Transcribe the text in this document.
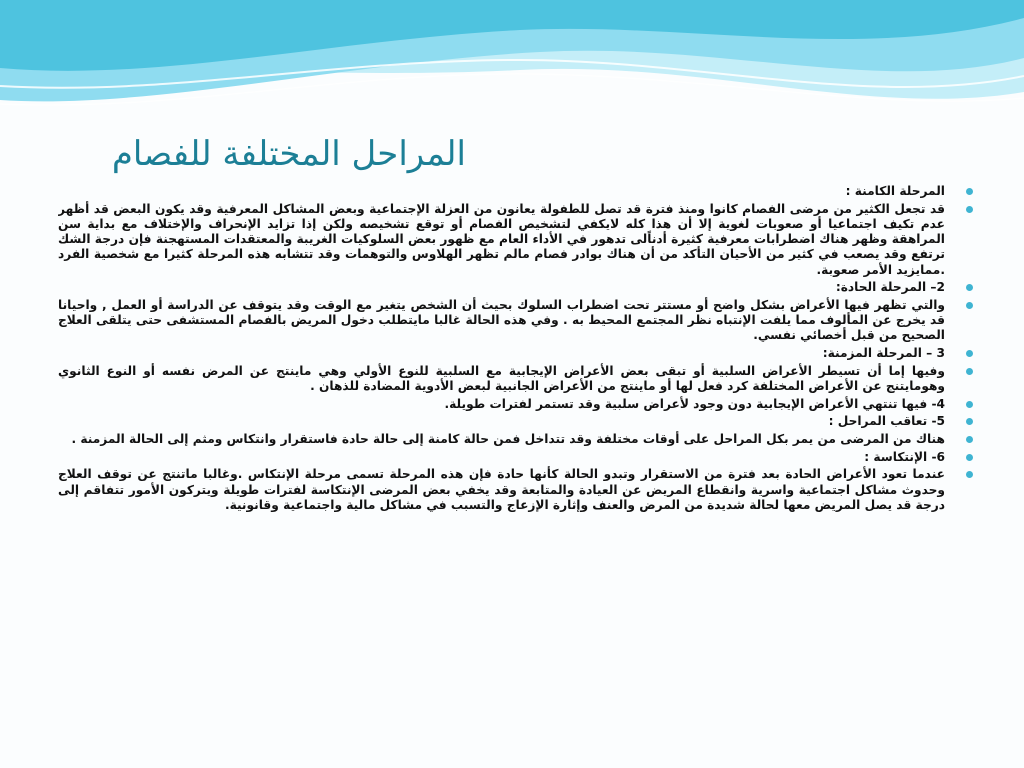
المراحل المختلفة للفصام
المرحلة الكامنة :
قد تجعل الكثير من مرضى الفصام كانوا ومنذ فترة قد تصل للطفولة يعانون من العزلة الإجتماعية وبعض المشاكل المعرفية وقد يكون البعض قد أظهر عدم تكيف اجتماعيا أو صعوبات لغوية إلا أن هذا كله لايكفي لتشخيص الفصام أو توقع تشخيصه ولكن إذا تزايد الإنحراف والإختلاف مع بداية سن المراهقة وظهر هناك اضطرابات معرفية كثيرة أدناًلى تدهور في الأداء العام مع ظهور بعض السلوكيات الغريبة والمعتقدات المستهجنة فإن درجة الشك ترتفع وقد يصعب في كثير من الأحيان التأكد من أن هناك بوادر فصام مالم تظهر الهلاوس والتوهمات وقد تتشابه هذه المرحلة كثيرا مع شخصية الفرد .ممايزيد الأمر صعوبة.
2– المرحلة الحادة:
والتي تظهر فيها الأعراض بشكل واضح أو مستتر تحت اضطراب السلوك بحيث أن الشخص يتغير مع الوقت وقد يتوقف عن الدراسة أو العمل , واحيانا قد يخرج عن المألوف مما يلفت الإنتباه نظر المجتمع المحيط به . وفي هذه الحالة غالبا مايتطلب دخول المريض بالفصام المستشفى حتى يتلقى العلاج الصحيح من قبل أخصائي نفسي.
3 – المرحلة المزمنة:
وفيها إما أن تسيطر الأعراض السلبية أو تبقى بعض الأعراض الإيجابية مع السلبية للنوع الأولي وهي ماينتج عن المرض نفسه أو النوع الثانوي وهومايتنج عن الأعراض المختلفة كرد فعل لها أو ماينتج من الأعراض الجانبية لبعض الأدوية المضادة للذهان .
4- فيها تنتهي الأعراض الإيجابية دون وجود لأعراض سلبية وقد تستمر لفترات طويلة.
5- تعاقب المراحل :
هناك من المرضى من يمر بكل المراحل على أوقات مختلفة وقد تتداخل فمن حالة كامنة إلى حالة حادة فاستقرار وانتكاس ومثم إلى الحالة المزمنة .
6- الإنتكاسة :
عندما تعود الأعراض الحادة بعد فترة من الاستقرار وتبدو الحالة كأنها حادة فإن هذه المرحلة تسمى مرحلة الإنتكاس .وغالبا ماتنتج عن توقف العلاج وحدوث مشاكل اجتماعية واسرية وانقطاع المريض عن العيادة والمتابعة وقد يخفي بعض المرضى الإنتكاسة لفترات طويلة ويتركون الأمور تتفاقم إلى درجة قد يصل المريض معها لحالة شديدة من المرض والعنف وإثارة الإزعاج والتسبب في مشاكل مالية واجتماعية وقانونية.
